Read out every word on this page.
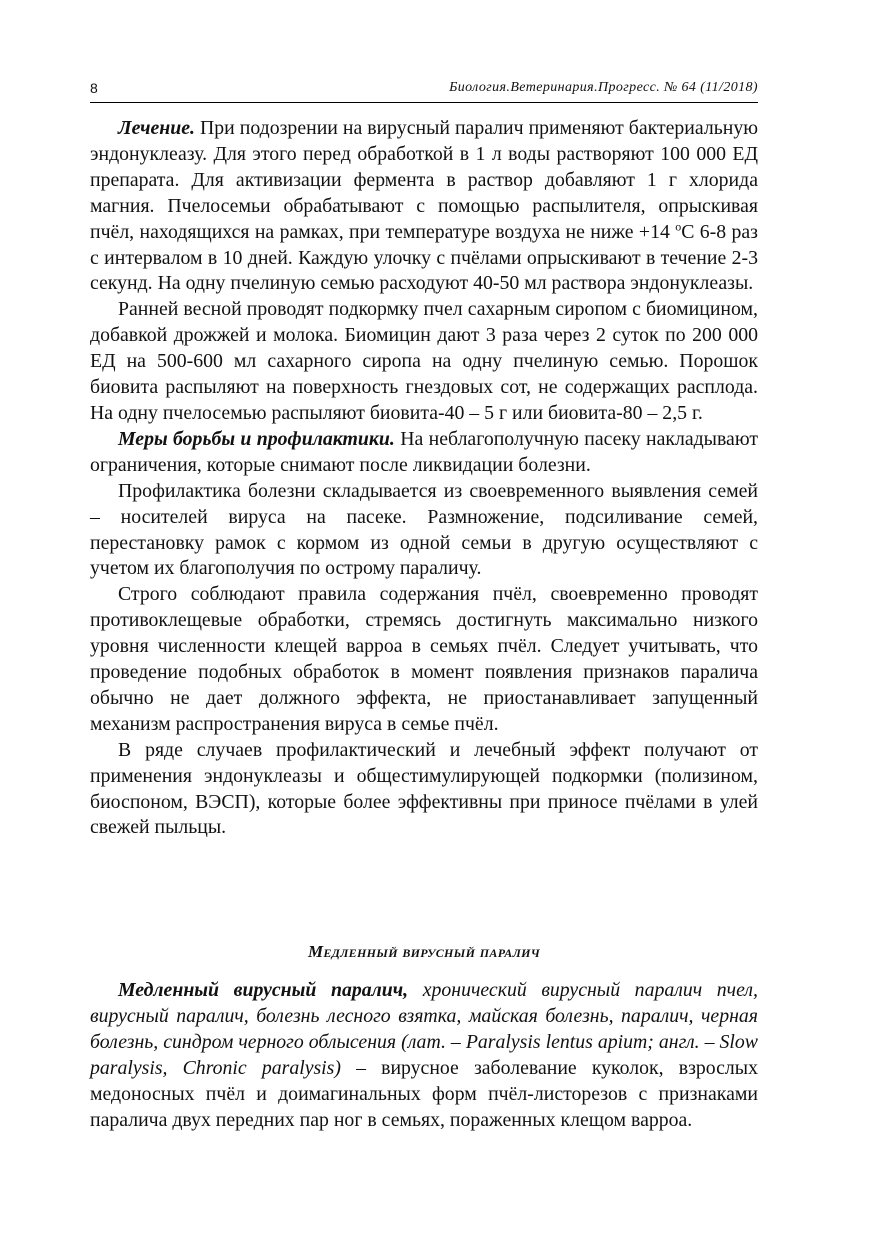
8	Биология.Ветеринария.Прогресс. № 64 (11/2018)

Лечение. При подозрении на вирусный паралич применяют бактериальную эндонуклеазу. Для этого перед обработкой в 1 л воды растворяют 100 000 ЕД препарата. Для активизации фермента в раствор добавляют 1 г хлорида магния. Пчелосемьи обрабатывают с помощью распылителя, опрыскивая пчёл, находящихся на рамках, при температуре воздуха не ниже +14 $^о$С 6-8 раз с интервалом в 10 дней. Каждую улочку с пчёлами опрыскивают в течение 2-3 секунд. На одну пчелиную семью расходуют 40-50 мл раствора эндонуклеазы.

Ранней весной проводят подкормку пчел сахарным сиропом с биомицином, добавкой дрожжей и молока. Биомицин дают 3 раза через 2 суток по 200 000 ЕД на 500-600 мл сахарного сиропа на одну пчелиную семью. Порошок биовита распыляют на поверхность гнездовых сот, не содержащих расплода. На одну пчелосемью распыляют биовита-40 – 5 г или биовита-80 – 2,5 г.

Меры борьбы и профилактики. На неблагополучную пасеку накладывают ограничения, которые снимают после ликвидации болезни.

Профилактика болезни складывается из своевременного выявления семей – носителей вируса на пасеке. Размножение, подсиливание семей, перестановку рамок с кормом из одной семьи в другую осуществляют с учетом их благополучия по острому параличу.

Строго соблюдают правила содержания пчёл, своевременно проводят противоклещевые обработки, стремясь достигнуть максимально низкого уровня численности клещей варроа в семьях пчёл. Следует учитывать, что проведение подобных обработок в момент появления признаков паралича обычно не дает должного эффекта, не приостанавливает запущенный механизм распространения вируса в семье пчёл.

В ряде случаев профилактический и лечебный эффект получают от применения эндонуклеазы и общестимулирующей подкормки (полизином, биоспоном, ВЭСП), которые более эффективны при приносе пчёлами в улей свежей пыльцы.

Медленный вирусный паралич

Медленный вирусный паралич, хронический вирусный паралич пчел, вирусный паралич, болезнь лесного взятка, майская болезнь, паралич, черная болезнь, синдром черного облысения (лат. – Paralysis lentus apium; англ. – Slow paralysis, Chronic paralysis) – вирусное заболевание куколок, взрослых медоносных пчёл и доимагинальных форм пчёл-листорезов с признаками паралича двух передних пар ног в семьях, пораженных клещом варроа.
